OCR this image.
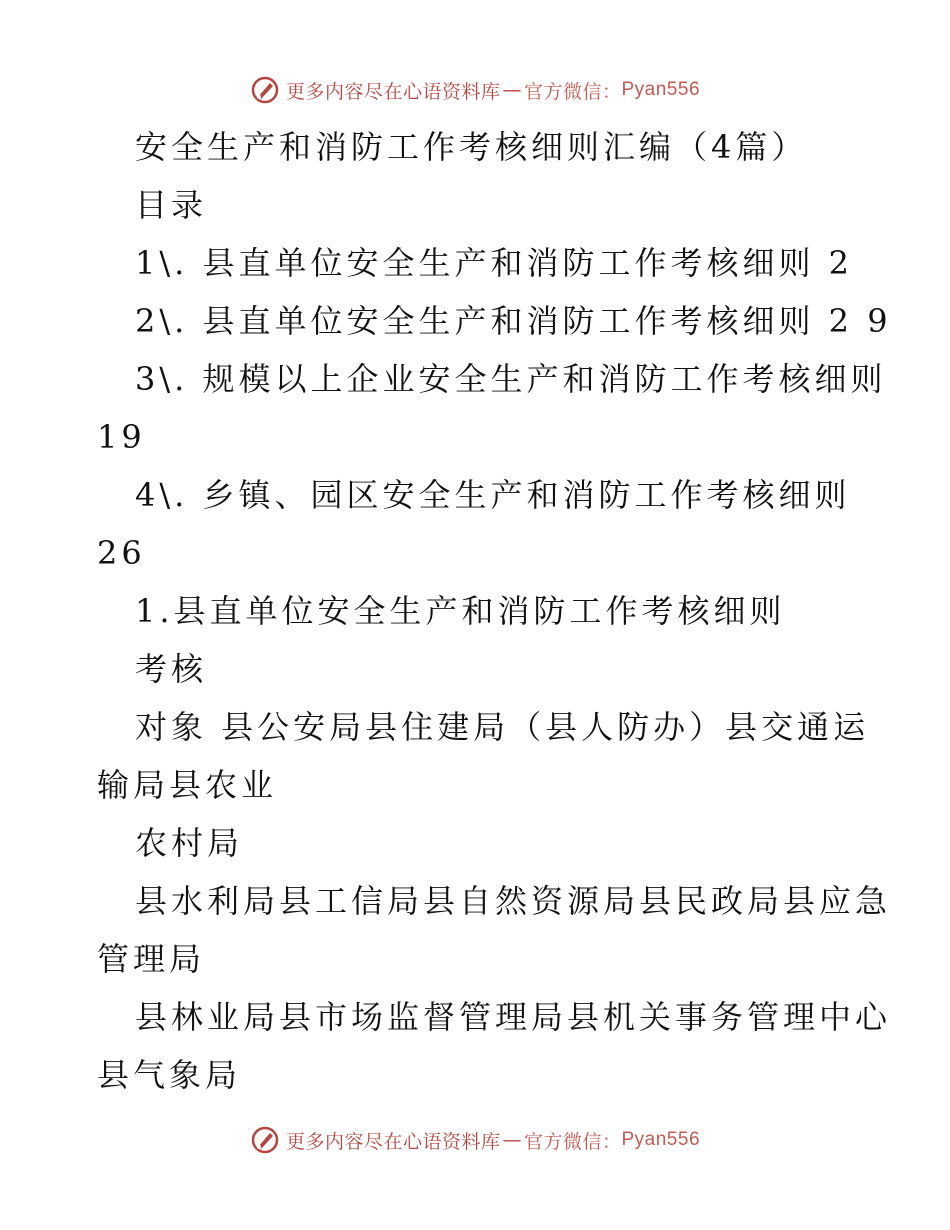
更多内容尽在心语资料库 — 官方微信： Pyan556
安全生产和消防工作考核细则汇编（4篇）
目录
1\. 县直单位安全生产和消防工作考核细则 2
2\. 县直单位安全生产和消防工作考核细则 2 9
3\. 规模以上企业安全生产和消防工作考核细则
19
4\. 乡镇、园区安全生产和消防工作考核细则
26
1.县直单位安全生产和消防工作考核细则
考核
对象 县公安局县住建局（县人防办）县交通运
输局县农业
农村局
县水利局县工信局县自然资源局县民政局县应急
管理局
县林业局县市场监督管理局县机关事务管理中心
县气象局
更多内容尽在心语资料库 — 官方微信： Pyan556
